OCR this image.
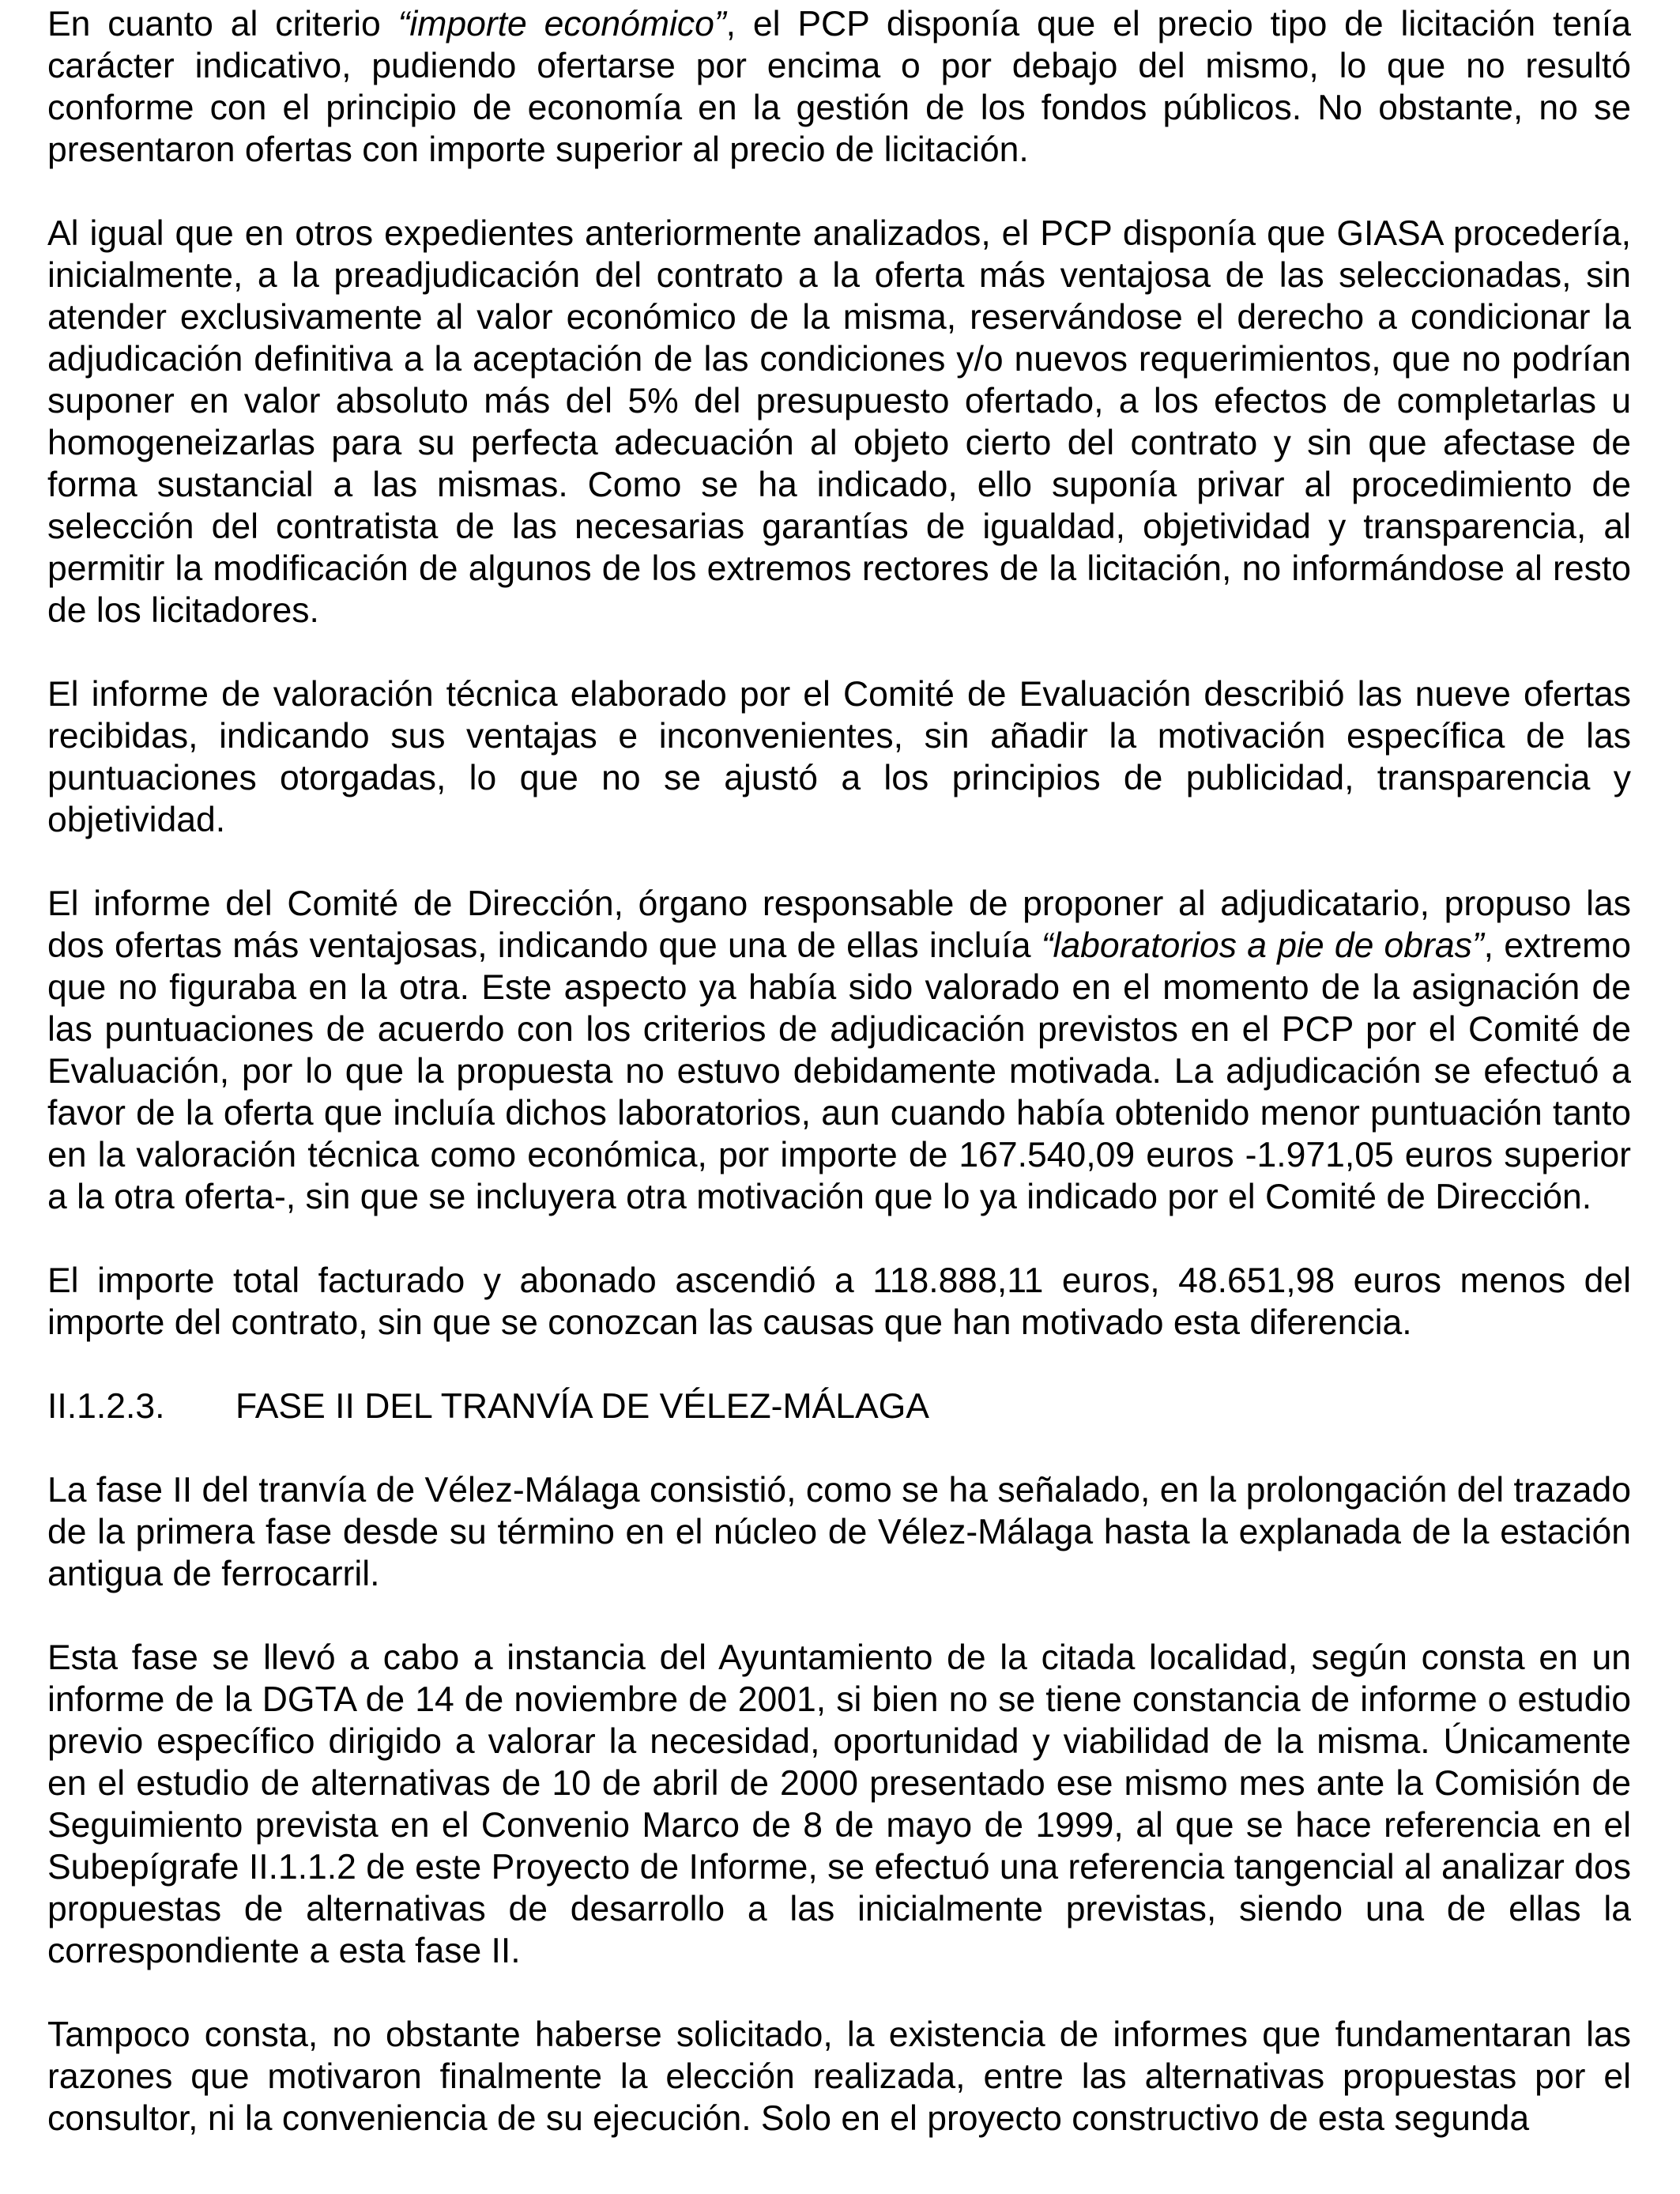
En cuanto al criterio “importe económico”, el PCP disponía que el precio tipo de licitación tenía carácter indicativo, pudiendo ofertarse por encima o por debajo del mismo, lo que no resultó conforme con el principio de economía en la gestión de los fondos públicos. No obstante, no se presentaron ofertas con importe superior al precio de licitación.

Al igual que en otros expedientes anteriormente analizados, el PCP disponía que GIASA procedería, inicialmente, a la preadjudicación del contrato a la oferta más ventajosa de las seleccionadas, sin atender exclusivamente al valor económico de la misma, reservándose el derecho a condicionar la adjudicación definitiva a la aceptación de las condiciones y/o nuevos requerimientos, que no podrían suponer en valor absoluto más del 5% del presupuesto ofertado, a los efectos de completarlas u homogeneizarlas para su perfecta adecuación al objeto cierto del contrato y sin que afectase de forma sustancial a las mismas. Como se ha indicado, ello suponía privar al procedimiento de selección del contratista de las necesarias garantías de igualdad, objetividad y transparencia, al permitir la modificación de algunos de los extremos rectores de la licitación, no informándose al resto de los licitadores.

El informe de valoración técnica elaborado por el Comité de Evaluación describió las nueve ofertas recibidas, indicando sus ventajas e inconvenientes, sin añadir la motivación específica de las puntuaciones otorgadas, lo que no se ajustó a los principios de publicidad, transparencia y objetividad.

El informe del Comité de Dirección, órgano responsable de proponer al adjudicatario, propuso las dos ofertas más ventajosas, indicando que una de ellas incluía “laboratorios a pie de obras”, extremo que no figuraba en la otra. Este aspecto ya había sido valorado en el momento de la asignación de las puntuaciones de acuerdo con los criterios de adjudicación previstos en el PCP por el Comité de Evaluación, por lo que la propuesta no estuvo debidamente motivada. La adjudicación se efectuó a favor de la oferta que incluía dichos laboratorios, aun cuando había obtenido menor puntuación tanto en la valoración técnica como económica, por importe de 167.540,09 euros -1.971,05 euros superior a la otra oferta-, sin que se incluyera otra motivación que lo ya indicado por el Comité de Dirección.

El importe total facturado y abonado ascendió a 118.888,11 euros, 48.651,98 euros menos del importe del contrato, sin que se conozcan las causas que han motivado esta diferencia.

II.1.2.3.	FASE II DEL TRANVÍA DE VÉLEZ-MÁLAGA

La fase II del tranvía de Vélez-Málaga consistió, como se ha señalado, en la prolongación del trazado de la primera fase desde su término en el núcleo de Vélez-Málaga hasta la explanada de la estación antigua de ferrocarril.

Esta fase se llevó a cabo a instancia del Ayuntamiento de la citada localidad, según consta en un informe de la DGTA de 14 de noviembre de 2001, si bien no se tiene constancia de informe o estudio previo específico dirigido a valorar la necesidad, oportunidad y viabilidad de la misma. Únicamente en el estudio de alternativas de 10 de abril de 2000 presentado ese mismo mes ante la Comisión de Seguimiento prevista en el Convenio Marco de 8 de mayo de 1999, al que se hace referencia en el Subepígrafe II.1.1.2 de este Proyecto de Informe, se efectuó una referencia tangencial al analizar dos propuestas de alternativas de desarrollo a las inicialmente previstas, siendo una de ellas la correspondiente a esta fase II.

Tampoco consta, no obstante haberse solicitado, la existencia de informes que fundamentaran las razones que motivaron finalmente la elección realizada, entre las alternativas propuestas por el consultor, ni la conveniencia de su ejecución. Solo en el proyecto constructivo de esta segunda
